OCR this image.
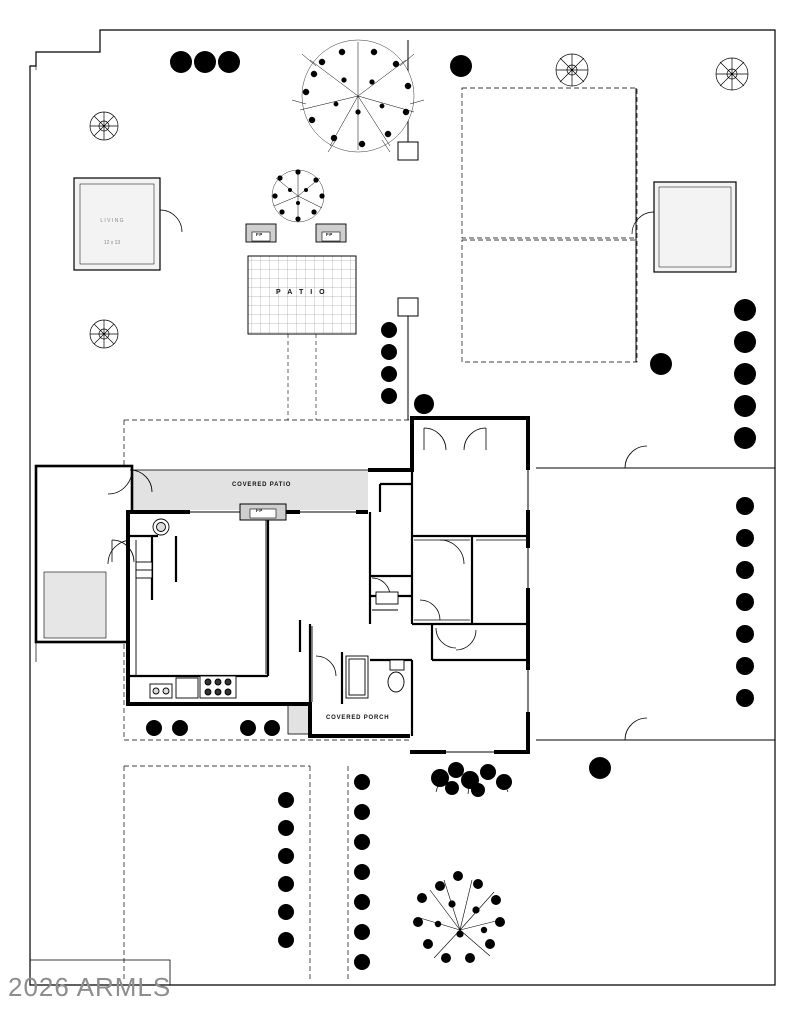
L I V I N G
12 x 13
P A T I O
COVERED PATIO
COVERED PORCH
FP	FP
FP
2026 ARMLS
